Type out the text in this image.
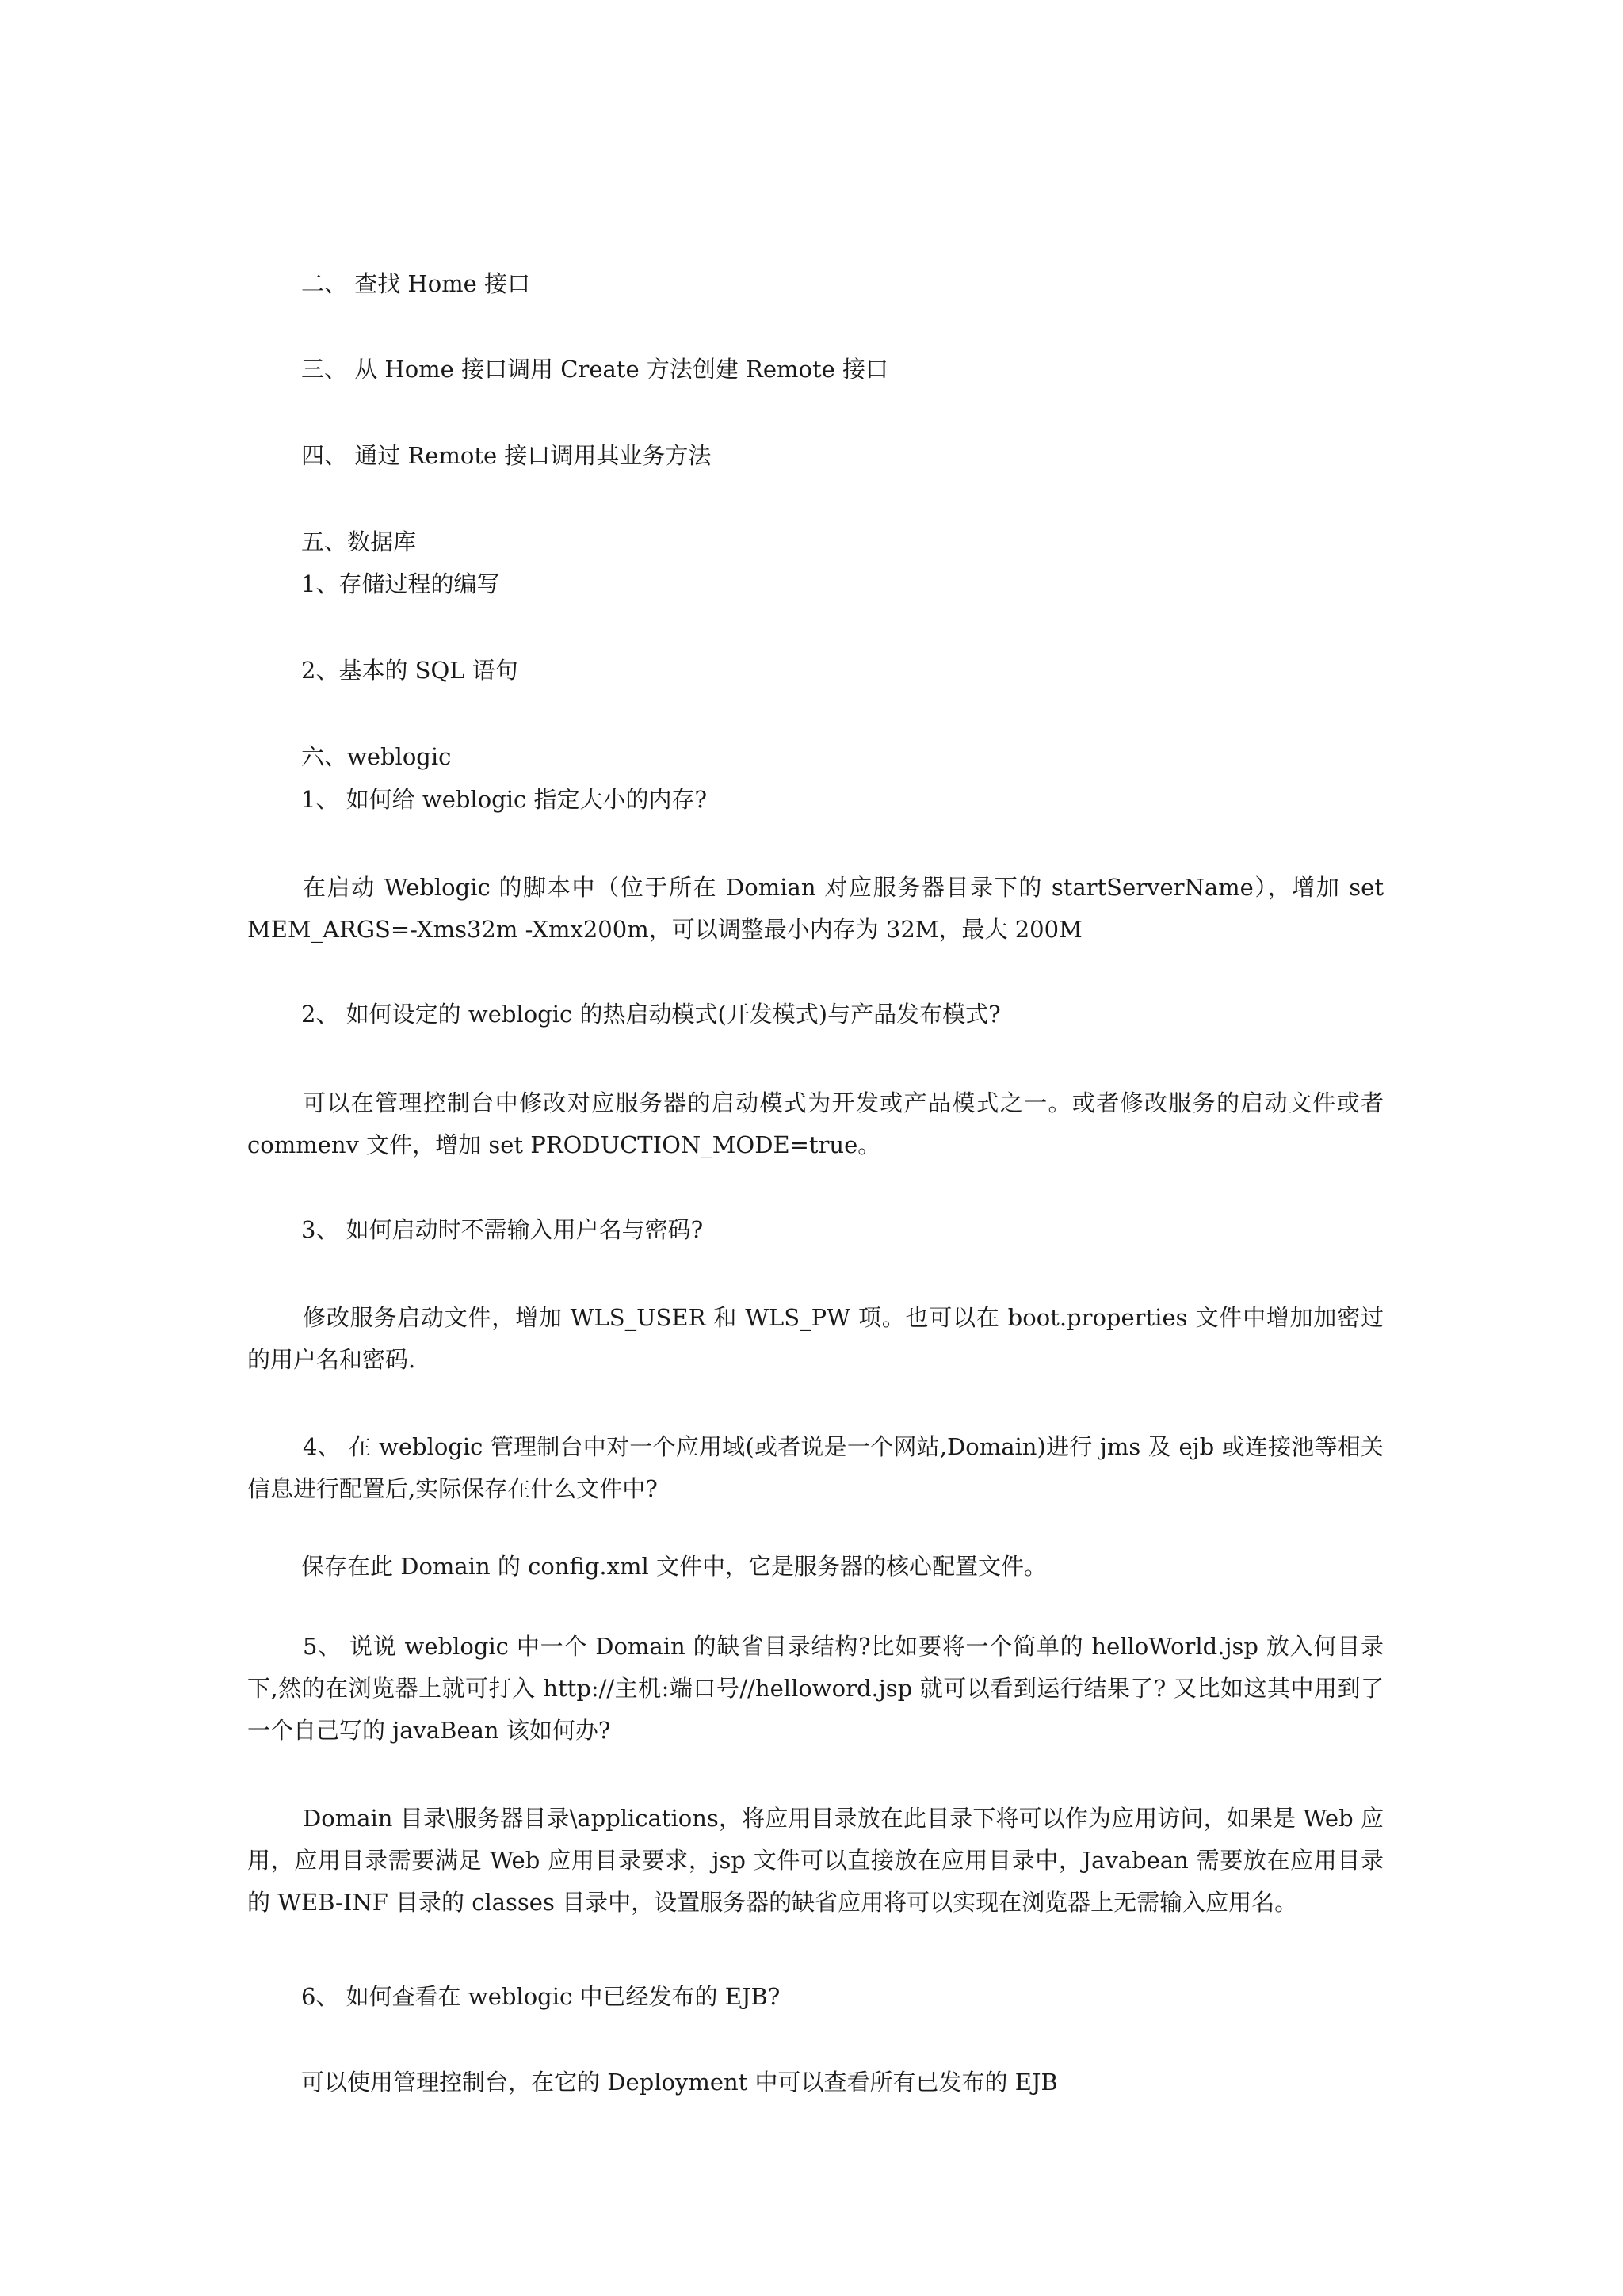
二、 查找 Home 接口

三、 从 Home 接口调用 Create 方法创建 Remote 接口

四、 通过 Remote 接口调用其业务方法

五、数据库

1、存储过程的编写

2、基本的 SQL 语句

六、weblogic

1、 如何给 weblogic 指定大小的内存?

在启动 Weblogic 的脚本中（位于所在 Domian 对应服务器目录下的 startServerName），增加 set MEM_ARGS=-Xms32m -Xmx200m，可以调整最小内存为 32M，最大 200M

2、 如何设定的 weblogic 的热启动模式(开发模式)与产品发布模式?

可以在管理控制台中修改对应服务器的启动模式为开发或产品模式之一。或者修改服务的启动文件或者 commenv 文件，增加 set PRODUCTION_MODE=true。

3、 如何启动时不需输入用户名与密码?

修改服务启动文件，增加 WLS_USER 和 WLS_PW 项。也可以在 boot.properties 文件中增加加密过的用户名和密码.

4、 在 weblogic 管理制台中对一个应用域(或者说是一个网站,Domain)进行 jms 及 ejb 或连接池等相关信息进行配置后,实际保存在什么文件中?

保存在此 Domain 的 config.xml 文件中，它是服务器的核心配置文件。

5、 说说 weblogic 中一个 Domain 的缺省目录结构?比如要将一个简单的 helloWorld.jsp 放入何目录下,然的在浏览器上就可打入 http://主机:端口号//helloword.jsp 就可以看到运行结果了? 又比如这其中用到了一个自己写的 javaBean 该如何办?

Domain 目录\服务器目录\applications，将应用目录放在此目录下将可以作为应用访问，如果是 Web 应用，应用目录需要满足 Web 应用目录要求，jsp 文件可以直接放在应用目录中，Javabean 需要放在应用目录的 WEB-INF 目录的 classes 目录中，设置服务器的缺省应用将可以实现在浏览器上无需输入应用名。

6、 如何查看在 weblogic 中已经发布的 EJB?

可以使用管理控制台，在它的 Deployment 中可以查看所有已发布的 EJB
